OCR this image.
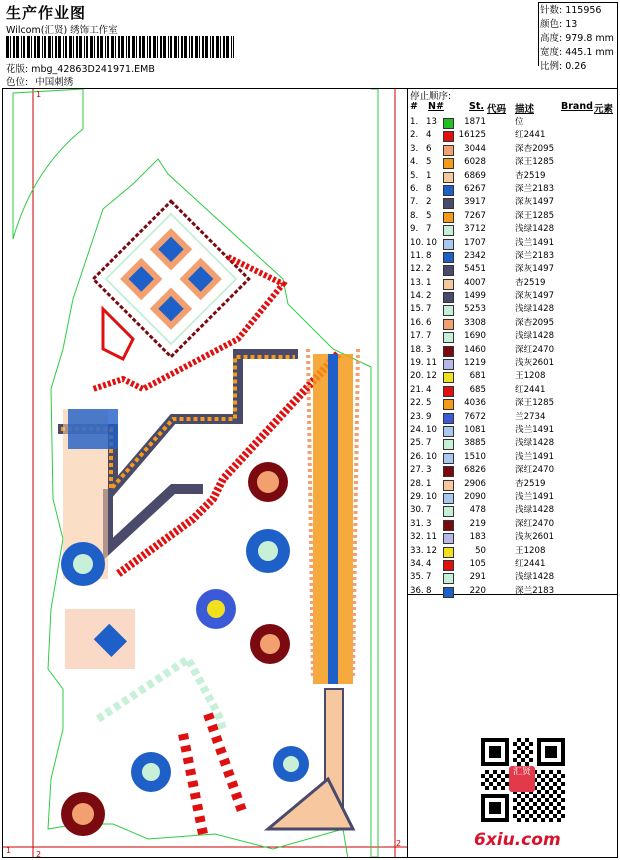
生产作业图
Wilcom(汇贤) 绣饰工作室
花版: mbg_42863D241971.EMB
色位: 中国刺绣
针数: 115956
颜色: 13
高度: 979.8 mm
宽度: 445.1 mm
比例: 0.26
停止顺序:
# N#	St. 代码 描述	Brand 元素
1. 13	1871	位
2. 4	16125	红2441
3. 6	3044	深杏2095
4. 5	6028	深王1285
5. 1	6869	杏2519
6. 8	6267	深兰2183
7. 2	3917	深灰1497
8. 5	7267	深王1285
9. 7	3712	浅绿1428
10. 10	1707	浅兰1491
11. 8	2342	深兰2183
12. 2	5451	深灰1497
13. 1	4007	杏2519
14. 2	1499	深灰1497
15. 7	5253	浅绿1428
16. 6	3308	深杏2095
17. 7	1690	浅绿1428
18. 3	1460	深红2470
19. 11	1219	浅灰2601
20. 12	681	王1208
21. 4	685	红2441
22. 5	4036	深王1285
23. 9	7672	兰2734
24. 10	1081	浅兰1491
25. 7	3885	浅绿1428
26. 10	1510	浅兰1491
27. 3	6826	深红2470
28. 1	2906	杏2519
29. 10	2090	浅兰1491
30. 7	478	浅绿1428
31. 3	219	深红2470
32. 11	183	浅灰2601
33. 12	50	王1208
34. 4	105	红2441
35. 7	291	浅绿1428
36. 8	220	深兰2183
1
1
2
2
汇贤
6xiu.com
